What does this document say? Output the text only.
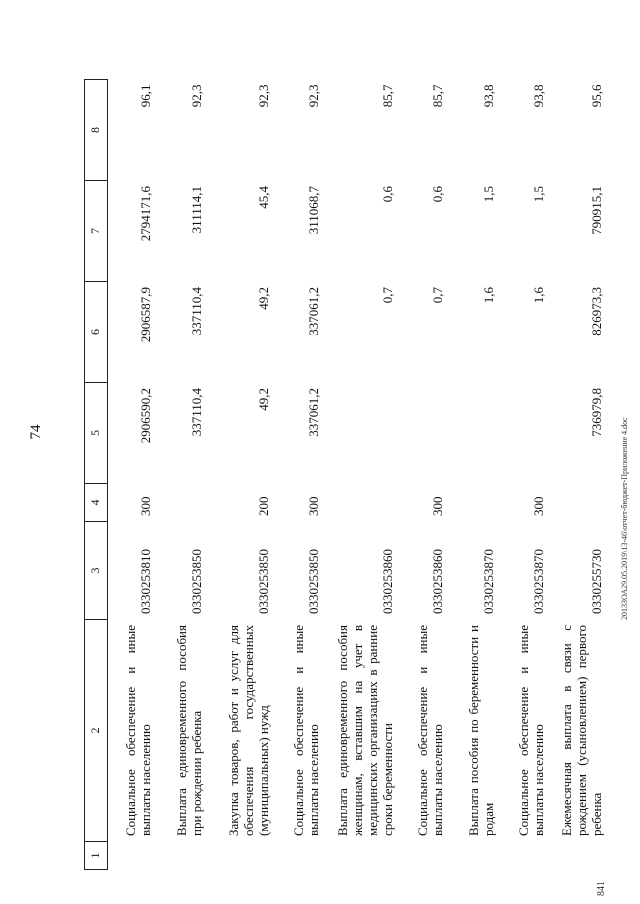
74	2013ЗОА29.05.2019\13-46\отчет-бюджет-Приложение 4.doc
841
1	2	3	4	5	6	7	8
	Социальное обеспечение и иные выплаты населению	0330253810	300	2906590,2	2906587,9	2794171,6	96,1
	Выплата единовременного пособия при рождении ребенка	0330253850		337110,4	337110,4	311114,1	92,3
	Закупка товаров, работ и услуг для обеспечения государственных (муниципальных) нужд	0330253850	200	49,2	49,2	45,4	92,3
	Социальное обеспечение и иные выплаты населению	0330253850	300	337061,2	337061,2	311068,7	92,3
	Выплата единовременного пособия женщинам, вставшим на учет в медицинских организациях в ранние сроки беременности	0330253860			0,7	0,6	85,7
	Социальное обеспечение и иные выплаты населению	0330253860	300		0,7	0,6	85,7
	Выплата пособия по беременности и родам	0330253870			1,6	1,5	93,8
	Социальное обеспечение и иные выплаты населению	0330253870	300		1,6	1,5	93,8
	Ежемесячная выплата в связи с рождением (усыновлением) первого ребенка	0330255730		736979,8	826973,3	790915,1	95,6
